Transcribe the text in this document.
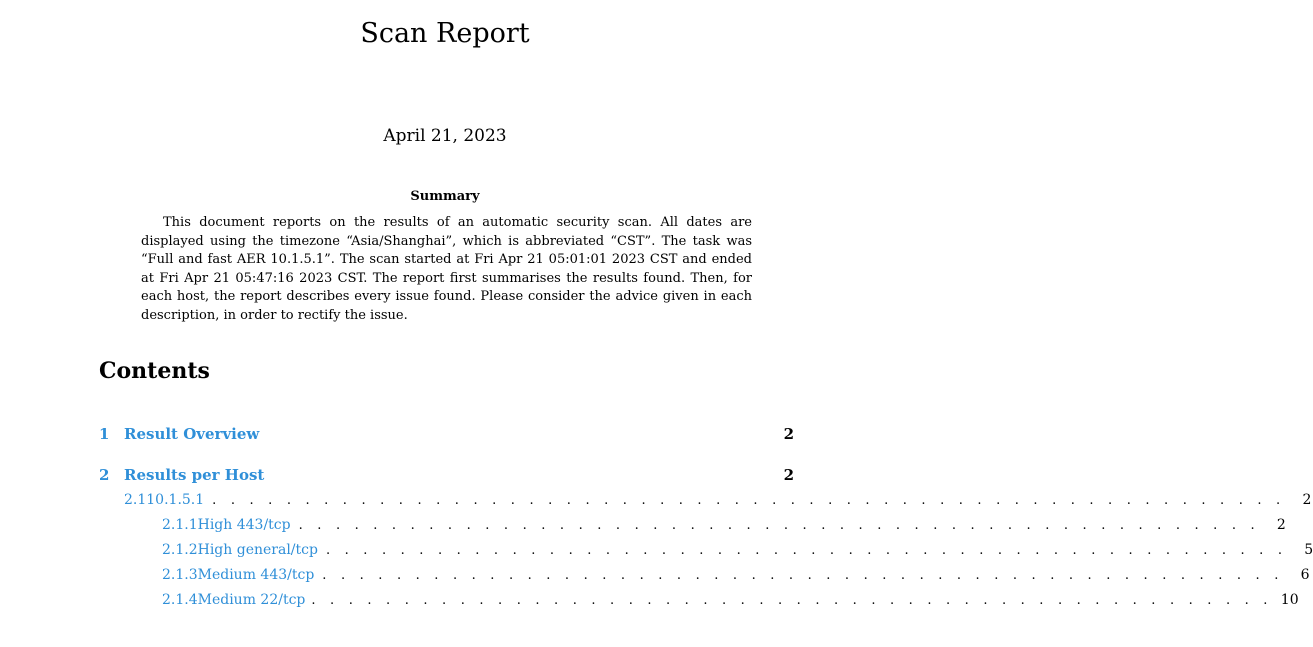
Scan Report
April 21, 2023
Summary
This document reports on the results of an automatic security scan. All dates are displayed using the timezone “Asia/Shanghai”, which is abbreviated “CST”. The task was “Full and fast AER 10.1.5.1”. The scan started at Fri Apr 21 05:01:01 2023 CST and ended at Fri Apr 21 05:47:16 2023 CST. The report first summarises the results found. Then, for each host, the report describes every issue found. Please consider the advice given in each description, in order to rectify the issue.
Contents
1 Result Overview	2
2 Results per Host	2
2.1 10.1.5.1 . . . . . . . . . . . . . . . . . . . . . . . . . . . . . . . . . . . . . . . . . . . . . . . . . . . . . . . . . .	2
2.1.1 High 443/tcp . . . . . . . . . . . . . . . . . . . . . . . . . . . . . . . . . . . . . . . . . . . . . . . . . . . .	2
2.1.2 High general/tcp . . . . . . . . . . . . . . . . . . . . . . . . . . . . . . . . . . . . . . . . . . . . . . . . . . . .	5
2.1.3 Medium 443/tcp . . . . . . . . . . . . . . . . . . . . . . . . . . . . . . . . . . . . . . . . . . . . . . . . . . . .	6
2.1.4 Medium 22/tcp . . . . . . . . . . . . . . . . . . . . . . . . . . . . . . . . . . . . . . . . . . . . . . . . . . . . 10
